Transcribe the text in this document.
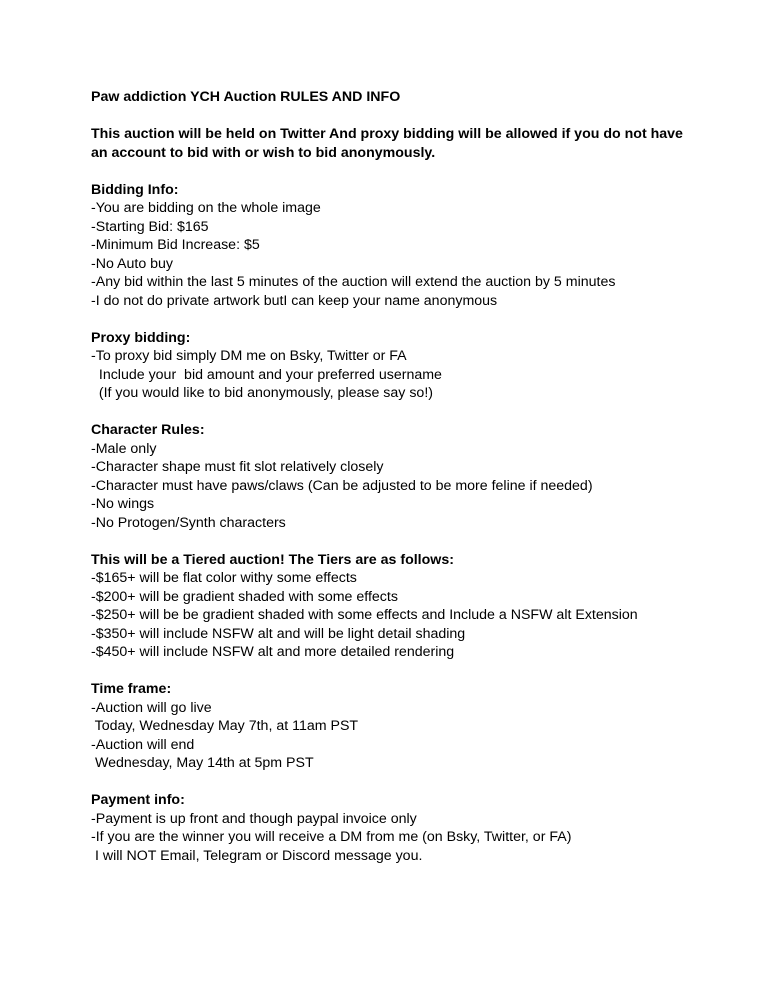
Paw addiction YCH Auction RULES AND INFO
This auction will be held on Twitter And proxy bidding will be allowed if you do not have
an account to bid with or wish to bid anonymously.
Bidding Info:
-You are bidding on the whole image
-Starting Bid: $165
-Minimum Bid Increase: $5
-No Auto buy
-Any bid within the last 5 minutes of the auction will extend the auction by 5 minutes
-I do not do private artwork butI can keep your name anonymous
Proxy bidding:
-To proxy bid simply DM me on Bsky, Twitter or FA
Include your  bid amount and your preferred username
(If you would like to bid anonymously, please say so!)
Character Rules:
-Male only
-Character shape must fit slot relatively closely
-Character must have paws/claws (Can be adjusted to be more feline if needed)
-No wings
-No Protogen/Synth characters
This will be a Tiered auction! The Tiers are as follows:
-$165+ will be flat color withy some effects
-$200+ will be gradient shaded with some effects
-$250+ will be be gradient shaded with some effects and Include a NSFW alt Extension
-$350+ will include NSFW alt and will be light detail shading
-$450+ will include NSFW alt and more detailed rendering
Time frame:
-Auction will go live
Today, Wednesday May 7th, at 11am PST
-Auction will end
Wednesday, May 14th at 5pm PST
Payment info:
-Payment is up front and though paypal invoice only
-If you are the winner you will receive a DM from me (on Bsky, Twitter, or FA)
I will NOT Email, Telegram or Discord message you.
